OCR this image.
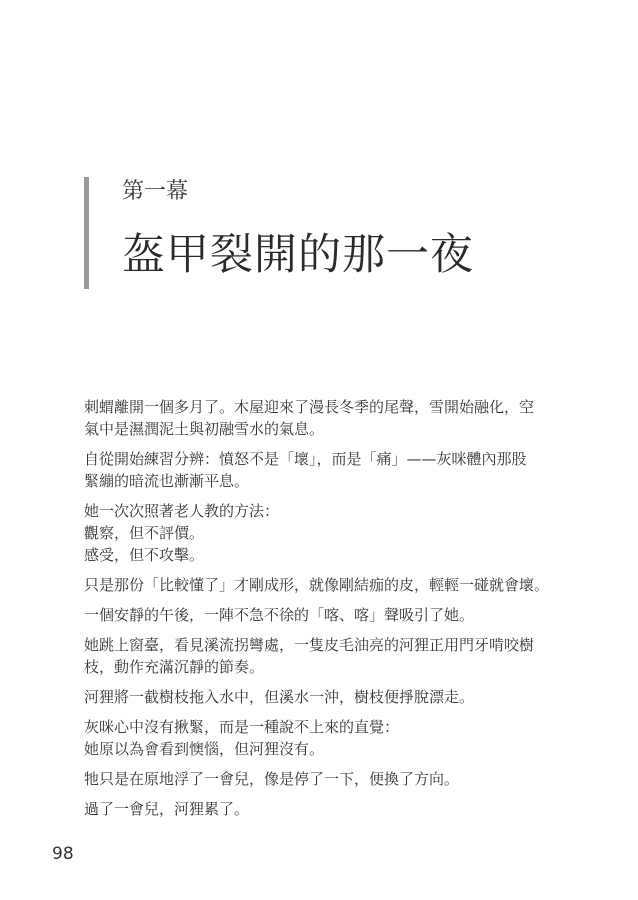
第一幕
盔甲裂開的那一夜

刺蝟離開一個多月了。木屋迎來了漫長冬季的尾聲，雪開始融化，空
氣中是濕潤泥土與初融雪水的氣息。

自從開始練習分辨：憤怒不是「壞」，而是「痛」——灰咪體內那股
緊繃的暗流也漸漸平息。

她一次次照著老人教的方法：
觀察，但不評價。
感受，但不攻擊。

只是那份「比較懂了」才剛成形，就像剛結痂的皮，輕輕一碰就會壞。

一個安靜的午後，一陣不急不徐的「喀、喀」聲吸引了她。

她跳上窗臺，看見溪流拐彎處，一隻皮毛油亮的河狸正用門牙啃咬樹
枝，動作充滿沉靜的節奏。

河狸將一截樹枝拖入水中，但溪水一沖，樹枝便掙脫漂走。

灰咪心中沒有揪緊，而是一種說不上來的直覺：
她原以為會看到懊惱，但河狸沒有。

牠只是在原地浮了一會兒，像是停了一下，便換了方向。

過了一會兒，河狸累了。

98
